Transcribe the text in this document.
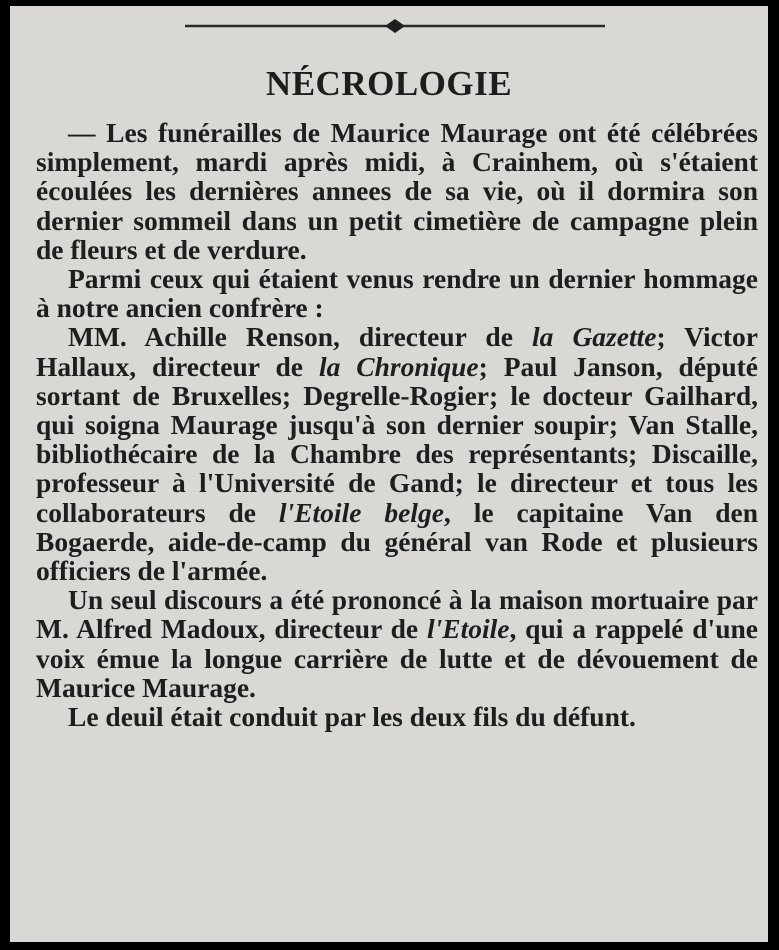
NÉCROLOGIE

— Les funérailles de Maurice Maurage ont été célébrées simplement, mardi après midi, à Crainhem, où s'étaient écoulées les dernières annees de sa vie, où il dormira son dernier sommeil dans un petit cimetière de campagne plein de fleurs et de verdure.

Parmi ceux qui étaient venus rendre un dernier hommage à notre ancien confrère :

MM. Achille Renson, directeur de la Gazette; Victor Hallaux, directeur de la Chronique; Paul Janson, député sortant de Bruxelles; Degrelle-Rogier; le docteur Gailhard, qui soigna Maurage jusqu'à son dernier soupir; Van Stalle, bibliothécaire de la Chambre des représentants; Discaille, professeur à l'Université de Gand; le directeur et tous les collaborateurs de l'Etoile belge, le capitaine Van den Bogaerde, aide-de-camp du général van Rode et plusieurs officiers de l'armée.

Un seul discours a été prononcé à la maison mortuaire par M. Alfred Madoux, directeur de l'Etoile, qui a rappelé d'une voix émue la longue carrière de lutte et de dévouement de Maurice Maurage.

Le deuil était conduit par les deux fils du défunt.
